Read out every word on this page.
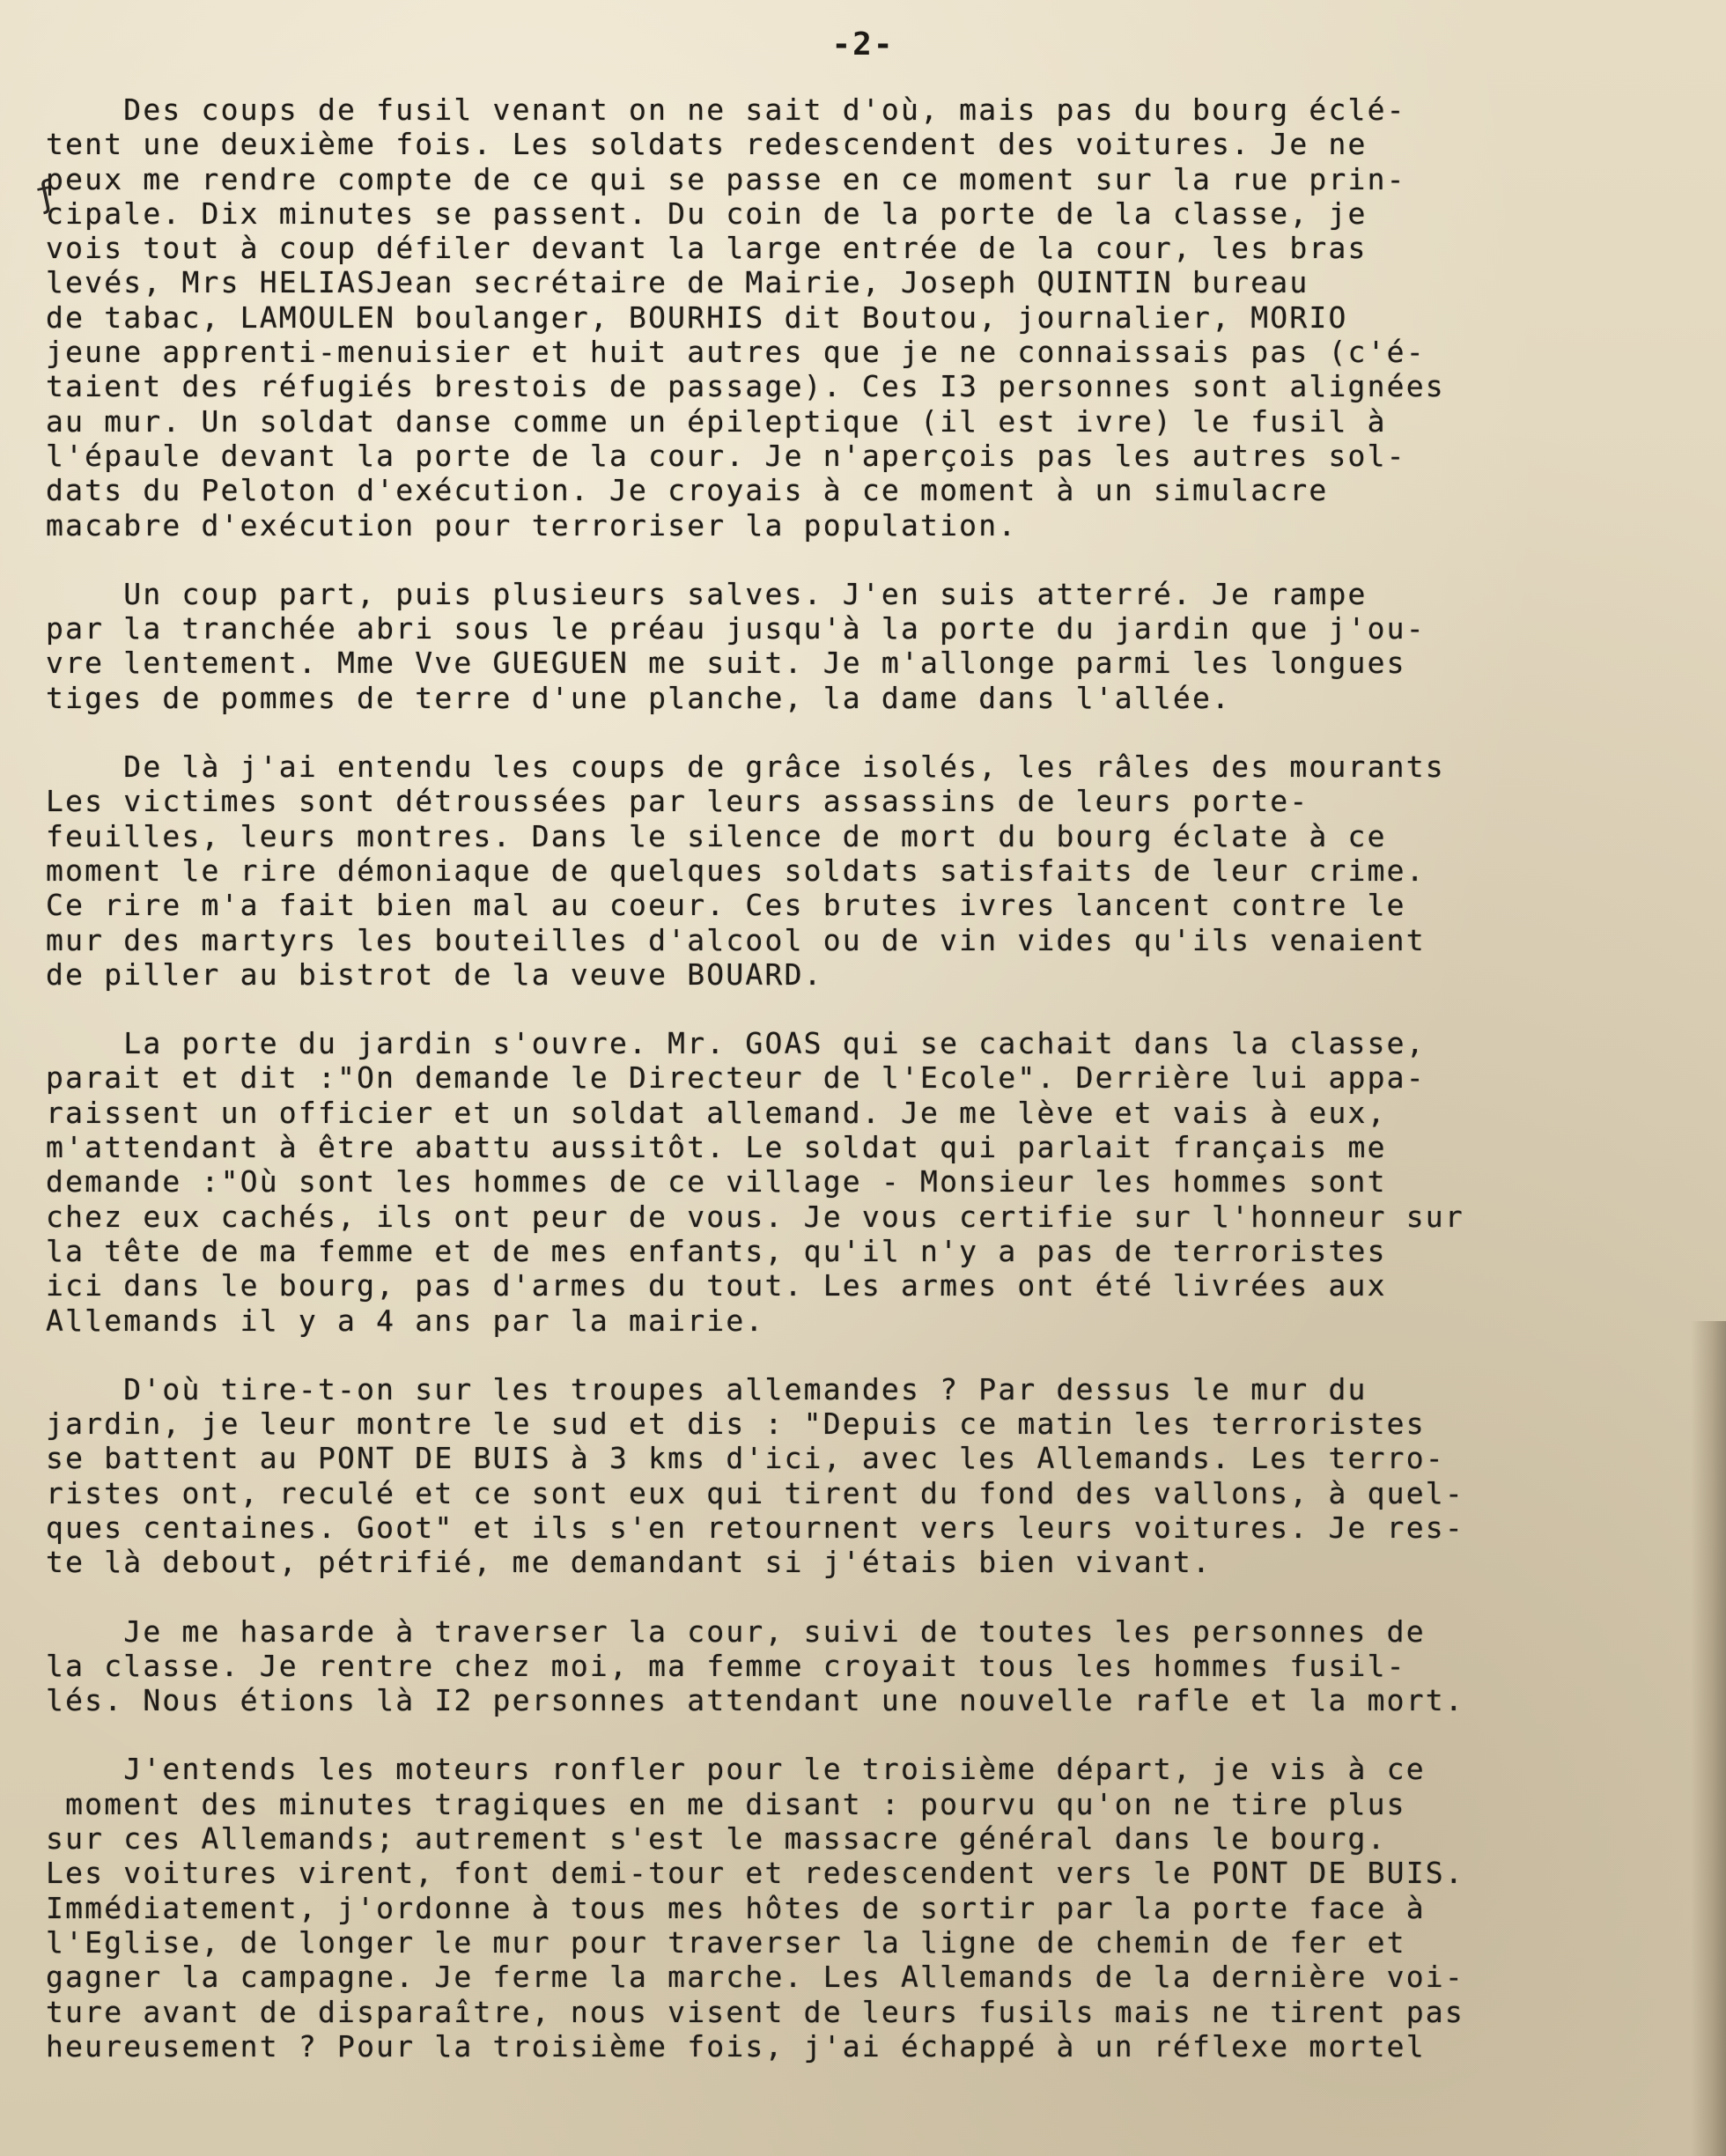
-2-
ƒ
Des coups de fusil venant on ne sait d'où, mais pas du bourg éclé-
tent une deuxième fois. Les soldats redescendent des voitures. Je ne
peux me rendre compte de ce qui se passe en ce moment sur la rue prin-
cipale. Dix minutes se passent. Du coin de la porte de la classe, je
vois tout à coup défiler devant la large entrée de la cour, les bras
levés, Mrs HELIASJean secrétaire de Mairie, Joseph QUINTIN bureau
de tabac, LAMOULEN boulanger, BOURHIS dit Boutou, journalier, MORIO
jeune apprenti-menuisier et huit autres que je ne connaissais pas (c'é-
taient des réfugiés brestois de passage). Ces I3 personnes sont alignées
au mur. Un soldat danse comme un épileptique (il est ivre) le fusil à
l'épaule devant la porte de la cour. Je n'aperçois pas les autres sol-
dats du Peloton d'exécution. Je croyais à ce moment à un simulacre
macabre d'exécution pour terroriser la population.
Un coup part, puis plusieurs salves. J'en suis atterré. Je rampe
par la tranchée abri sous le préau jusqu'à la porte du jardin que j'ou-
vre lentement. Mme Vve GUEGUEN me suit. Je m'allonge parmi les longues
tiges de pommes de terre d'une planche, la dame dans l'allée.
De là j'ai entendu les coups de grâce isolés, les râles des mourants
Les victimes sont détroussées par leurs assassins de leurs porte-
feuilles, leurs montres. Dans le silence de mort du bourg éclate à ce
moment le rire démoniaque de quelques soldats satisfaits de leur crime.
Ce rire m'a fait bien mal au coeur. Ces brutes ivres lancent contre le
mur des martyrs les bouteilles d'alcool ou de vin vides qu'ils venaient
de piller au bistrot de la veuve BOUARD.
La porte du jardin s'ouvre. Mr. GOAS qui se cachait dans la classe,
parait et dit :"On demande le Directeur de l'Ecole". Derrière lui appa-
raissent un officier et un soldat allemand. Je me lève et vais à eux,
m'attendant à être abattu aussitôt. Le soldat qui parlait français me
demande :"Où sont les hommes de ce village - Monsieur les hommes sont
chez eux cachés, ils ont peur de vous. Je vous certifie sur l'honneur sur
la tête de ma femme et de mes enfants, qu'il n'y a pas de terroristes
ici dans le bourg, pas d'armes du tout. Les armes ont été livrées aux
Allemands il y a 4 ans par la mairie.
D'où tire-t-on sur les troupes allemandes ? Par dessus le mur du
jardin, je leur montre le sud et dis : "Depuis ce matin les terroristes
se battent au PONT DE BUIS à 3 kms d'ici, avec les Allemands. Les terro-
ristes ont, reculé et ce sont eux qui tirent du fond des vallons, à quel-
ques centaines. Goot" et ils s'en retournent vers leurs voitures. Je res-
te là debout, pétrifié, me demandant si j'étais bien vivant.
Je me hasarde à traverser la cour, suivi de toutes les personnes de
la classe. Je rentre chez moi, ma femme croyait tous les hommes fusil-
lés. Nous étions là I2 personnes attendant une nouvelle rafle et la mort.
J'entends les moteurs ronfler pour le troisième départ, je vis à ce
moment des minutes tragiques en me disant : pourvu qu'on ne tire plus
sur ces Allemands; autrement s'est le massacre général dans le bourg.
Les voitures virent, font demi-tour et redescendent vers le PONT DE BUIS.
Immédiatement, j'ordonne à tous mes hôtes de sortir par la porte face à
l'Eglise, de longer le mur pour traverser la ligne de chemin de fer et
gagner la campagne. Je ferme la marche. Les Allemands de la dernière voi-
ture avant de disparaître, nous visent de leurs fusils mais ne tirent pas
heureusement ? Pour la troisième fois, j'ai échappé à un réflexe mortel
